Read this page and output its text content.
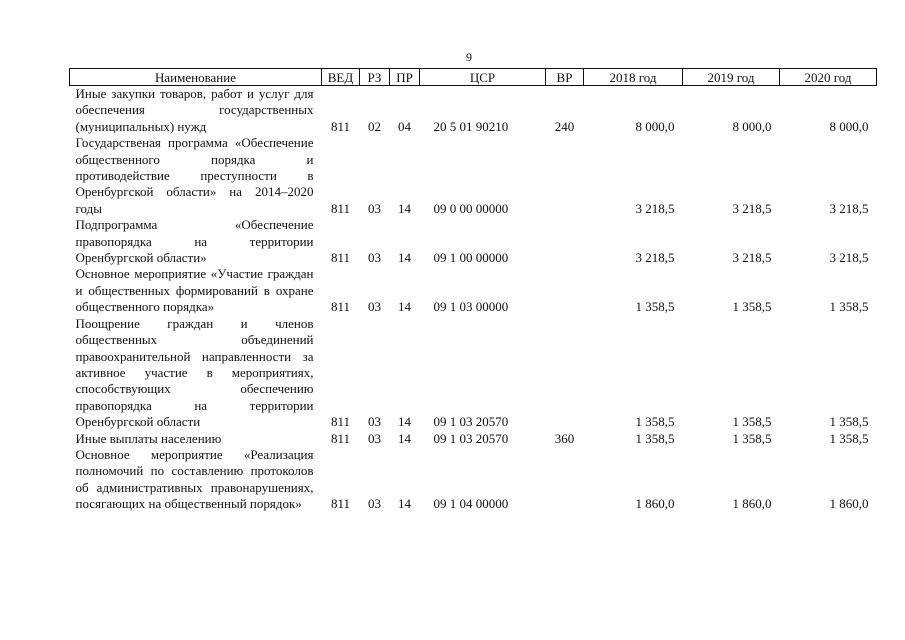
9
Наименование	ВЕД	РЗ	ПР	ЦСР	ВР	2018 год	2019 год	2020 год
Иные закупки товаров, работ и услуг для обеспечения государственных (муниципальных) нужд	811	02	04	20 5 01 90210	240	8 000,0	8 000,0	8 000,0
Государственая программа «Обеспечение общественного порядка и противодействие преступности в Оренбургской области» на 2014–2020 годы	811	03	14	09 0 00 00000		3 218,5	3 218,5	3 218,5
Подпрограмма «Обеспечение правопорядка на территории Оренбургской области»	811	03	14	09 1 00 00000		3 218,5	3 218,5	3 218,5
Основное мероприятие «Участие граждан и общественных формирований в охране общественного порядка»	811	03	14	09 1 03 00000		1 358,5	1 358,5	1 358,5
Поощрение граждан и членов общественных объединений правоохранительной направленности за активное участие в мероприятиях, способствующих обеспечению правопорядка на территории Оренбургской области	811	03	14	09 1 03 20570		1 358,5	1 358,5	1 358,5
Иные выплаты населению	811	03	14	09 1 03 20570	360	1 358,5	1 358,5	1 358,5
Основное мероприятие «Реализация полномочий по составлению протоколов об административных правонарушениях, посягающих на общественный порядок»	811	03	14	09 1 04 00000		1 860,0	1 860,0	1 860,0
